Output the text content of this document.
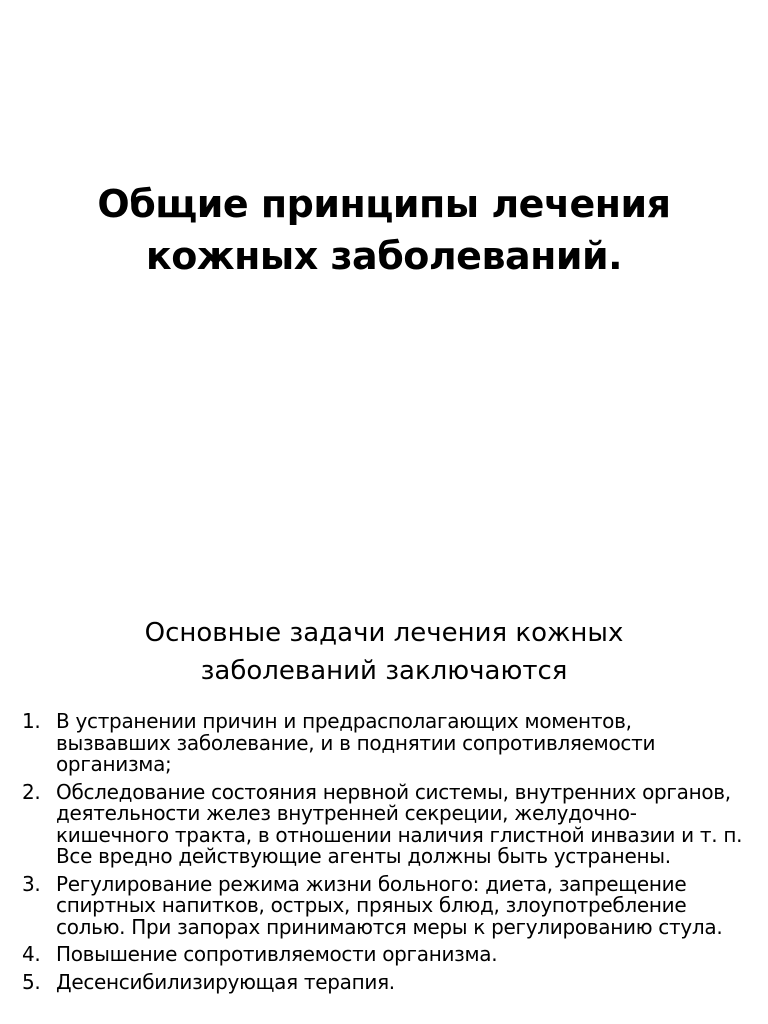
Общие принципы лечения
кожных заболеваний.
Основные задачи лечения кожных
заболеваний заключаются
1. В устранении причин и предрасполагающих моментов, вызвавших заболевание, и в поднятии сопротивляемости организма;
2. Обследование состояния нервной системы, внутренних органов, деятельности желез внутренней секреции, желудочно-кишечного тракта, в отношении наличия глистной инвазии и т. п. Все вредно действующие агенты должны быть устранены.
3. Регулирование режима жизни больного: диета, запрещение спиртных напитков, острых, пряных блюд, злоупотребление солью. При запорах принимаются меры к регулированию стула.
4. Повышение сопротивляемости организма.
5. Десенсибилизирующая терапия.
